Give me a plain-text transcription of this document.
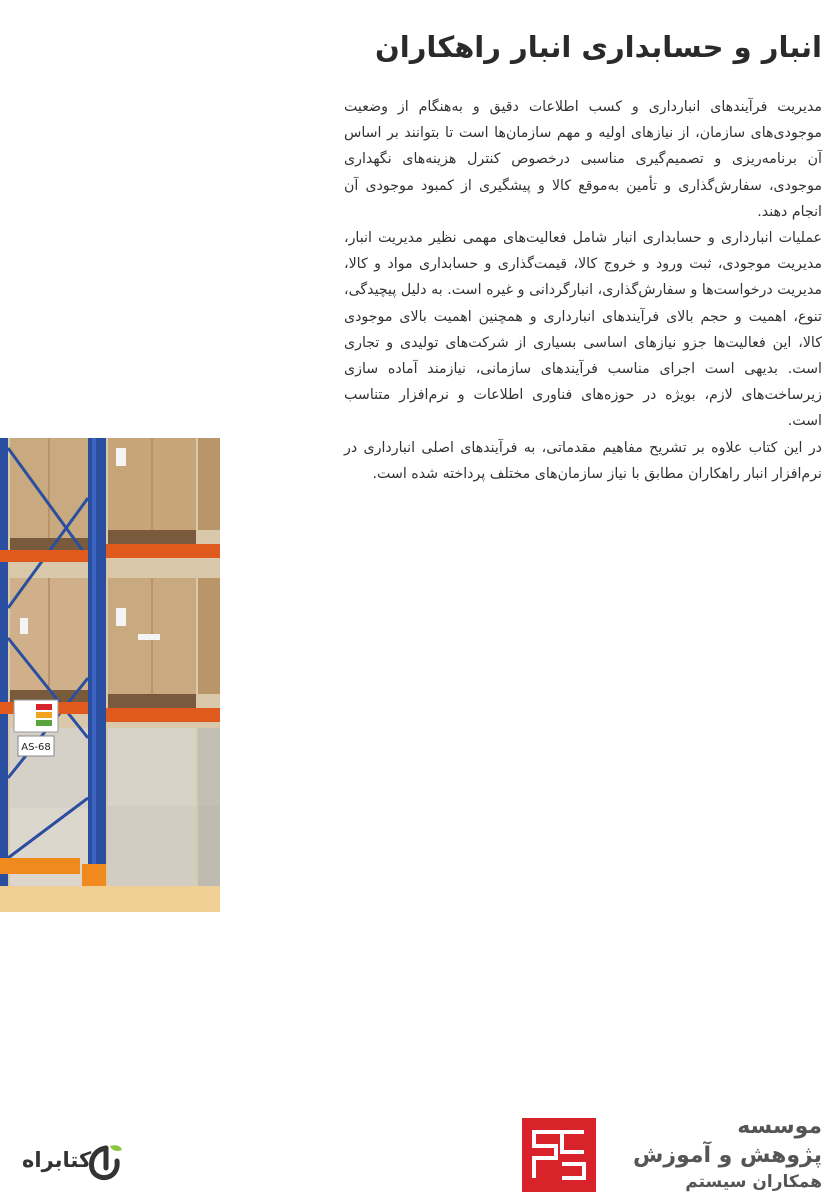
انبار و حسابداری انبار راهکاران

مدیریت فرآیندهای انبارداری و کسب اطلاعات دقیق و به‌هنگام از وضعیت موجودی‌های سازمان، از نیازهای اولیه و مهم سازمان‌ها است تا بتوانند بر اساس آن برنامه‌ریزی و تصمیم‌گیری مناسبی درخصوص کنترل هزینه‌های نگهداری موجودی، سفارش‌گذاری و تأمین به‌موقع کالا و پیشگیری از کمبود موجودی آن انجام دهند.

عملیات انبارداری و حسابداری انبار شامل فعالیت‌های مهمی نظیر مدیریت انبار، مدیریت موجودی، ثبت ورود و خروج کالا، قیمت‌گذاری و حسابداری مواد و کالا، مدیریت درخواست‌ها و سفارش‌گذاری، انبارگردانی و غیره است. به دلیل پیچیدگی، تنوع، اهمیت و حجم بالای فرآیندهای انبارداری و همچنین اهمیت بالای موجودی کالا، این فعالیت‌ها جزو نیازهای اساسی بسیاری از شرکت‌های تولیدی و تجاری است. بدیهی است اجرای مناسب فرآیندهای سازمانی، نیازمند آماده سازی زیرساخت‌های لازم، بویژه در حوزه‌های فناوری اطلاعات و نرم‌افزار متناسب است.

در این کتاب علاوه بر تشریح مفاهیم مقدماتی، به فرآیندهای اصلی انبارداری در نرم‌افزار انبار راهکاران مطابق با نیاز سازمان‌های مختلف پرداخته شده است.

AS-68
موسسه
پژوهش و آموزش
همکاران سیستم
کتابراه
